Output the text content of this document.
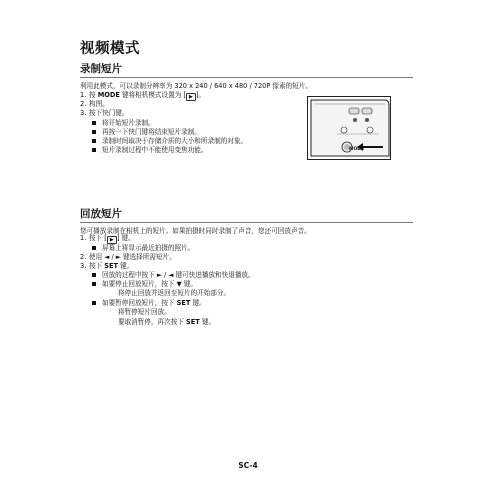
视频模式
录制短片
利用此模式，可以录制分辨率为 320 x 240 / 640 x 480 / 720P 像素的短片。
1. 按 MODE 键将相机模式设置为 [ ▶ ]。
2. 构图。
3. 按下快门键。
将开始短片录制。
再按一下快门键将结束短片录制。
录制时间取决于存储介质的大小和所录制的对象。
短片录制过程中不能使用变焦功能。	MODE
回放短片
您可播放录制在相机上的短片。如果拍摄时同时录制了声音，您还可回放声音。
1. 按下 [ ▶ ] 键。
屏幕上将显示最近拍摄的照片。
2. 使用 ◄ / ► 键选择所需短片。
3. 按下 SET 键。
回放的过程中按下 ► / ◄ 键可快进播放和快退播放。
如要停止回放短片，按下 ▼ 键。
将停止回放并返回至短片的开始部分。
如要暂停回放短片，按下 SET 键。
将暂停短片回放。
要取消暂停，再次按下 SET 键。
SC-4
